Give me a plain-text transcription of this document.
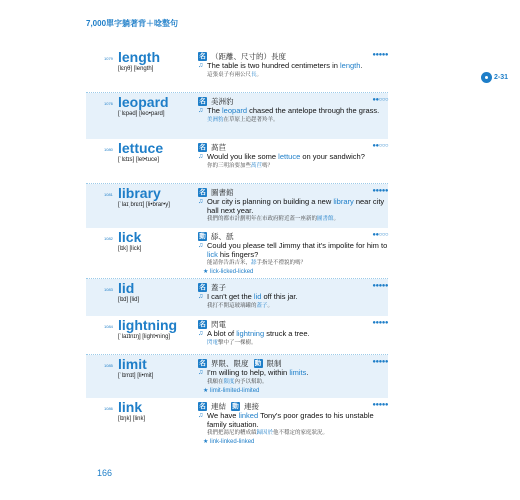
7,000單字躺著背＋唸整句
2-31
1079 length
[lɛŋθ] [length]
名 （距離、尺寸的）長度	●●●●●
♫ The table is two hundred centimeters in length.
這張桌子有兩公尺長。
1076 leopard
[ˈlɛpəd] [leo•pard]
名 美洲豹	●●○○○
♫ The leopard chased the antelope through the grass.
美洲豹在草原上追趕著羚羊。
1080 lettuce
[ˈlɛtɪs] [let•tuce]
名 萵苣	●●○○○
♫ Would you like some lettuce on your sandwich?
你的三明治要加些萵苣嗎？
1081 library
[ˈlaɪˌbrɛrɪ] [li•brar•y]
名 圖書館	●●●●●
♫ Our city is planning on building a new library near city hall next year.
我們的都市計劃明年在市政府附近蓋一座新的圖書館。
1082 lick
[lɪk] [lick]
動 舔、舐	●●○○○
♫ Could you please tell Jimmy that it's impolite for him to lick his fingers?
能請你告訴吉米，舔手指是不禮貌的嗎？
★ lick-licked-licked
1083 lid
[lɪd] [lid]
名 蓋子	●●●●●
♫ I can't get the lid off this jar.
我打不開這玻璃罐的蓋子。
1084 lightning
[ˈlaɪtnɪŋ] [light•ning]
名 閃電	●●●●●
♫ A blot of lightning struck a tree.
閃電擊中了一棵樹。
1085 limit
[ˈlɪmɪt] [li•mit]
名 界限、限度 動 限制	●●●●●
♫ I'm willing to help, within limits.
我願在限度內予以幫助。
★ limit-limited-limited
1086 link
[lɪŋk] [link]
名 連結 動 連接	●●●●●
♫ We have linked Tony's poor grades to his unstable family situation.
我們把湯尼的糟成績歸因於他不穩定的家庭狀況。
★ link-linked-linked
166
